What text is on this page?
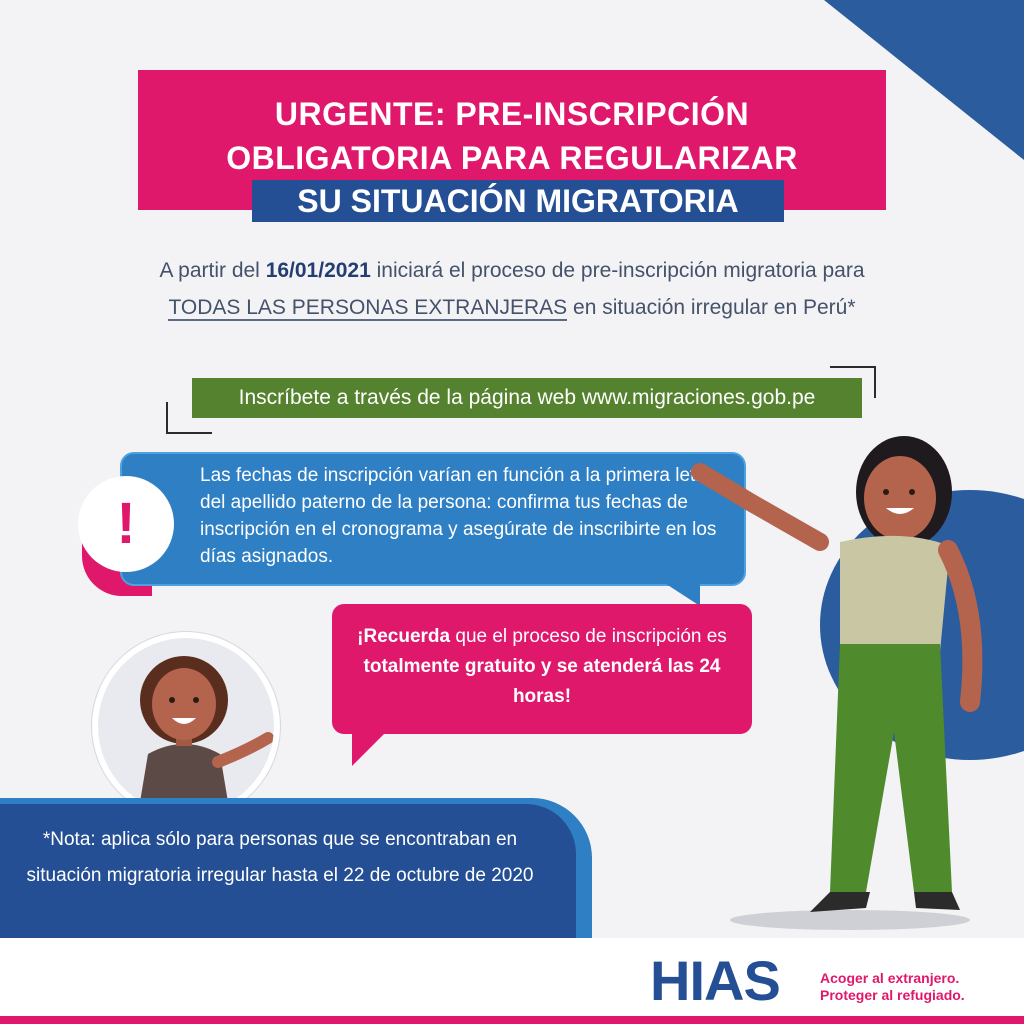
URGENTE: PRE-INSCRIPCIÓN
OBLIGATORIA PARA REGULARIZAR
SU SITUACIÓN MIGRATORIA
A partir del 16/01/2021 iniciará el proceso de pre-inscripción migratoria para TODAS LAS PERSONAS EXTRANJERAS en situación irregular en Perú*
Inscríbete a través de la página web www.migraciones.gob.pe
Las fechas de inscripción varían en función a la primera letra del apellido paterno de la persona: confirma tus fechas de inscripción en el cronograma y asegúrate de inscribirte en los días asignados.
!
¡Recuerda que el proceso de inscripción es totalmente gratuito y se atenderá las 24 horas!
*Nota: aplica sólo para personas que se encontraban en situación migratoria irregular hasta el 22 de octubre de 2020
HIAS	Acoger al extranjero.
Proteger al refugiado.
